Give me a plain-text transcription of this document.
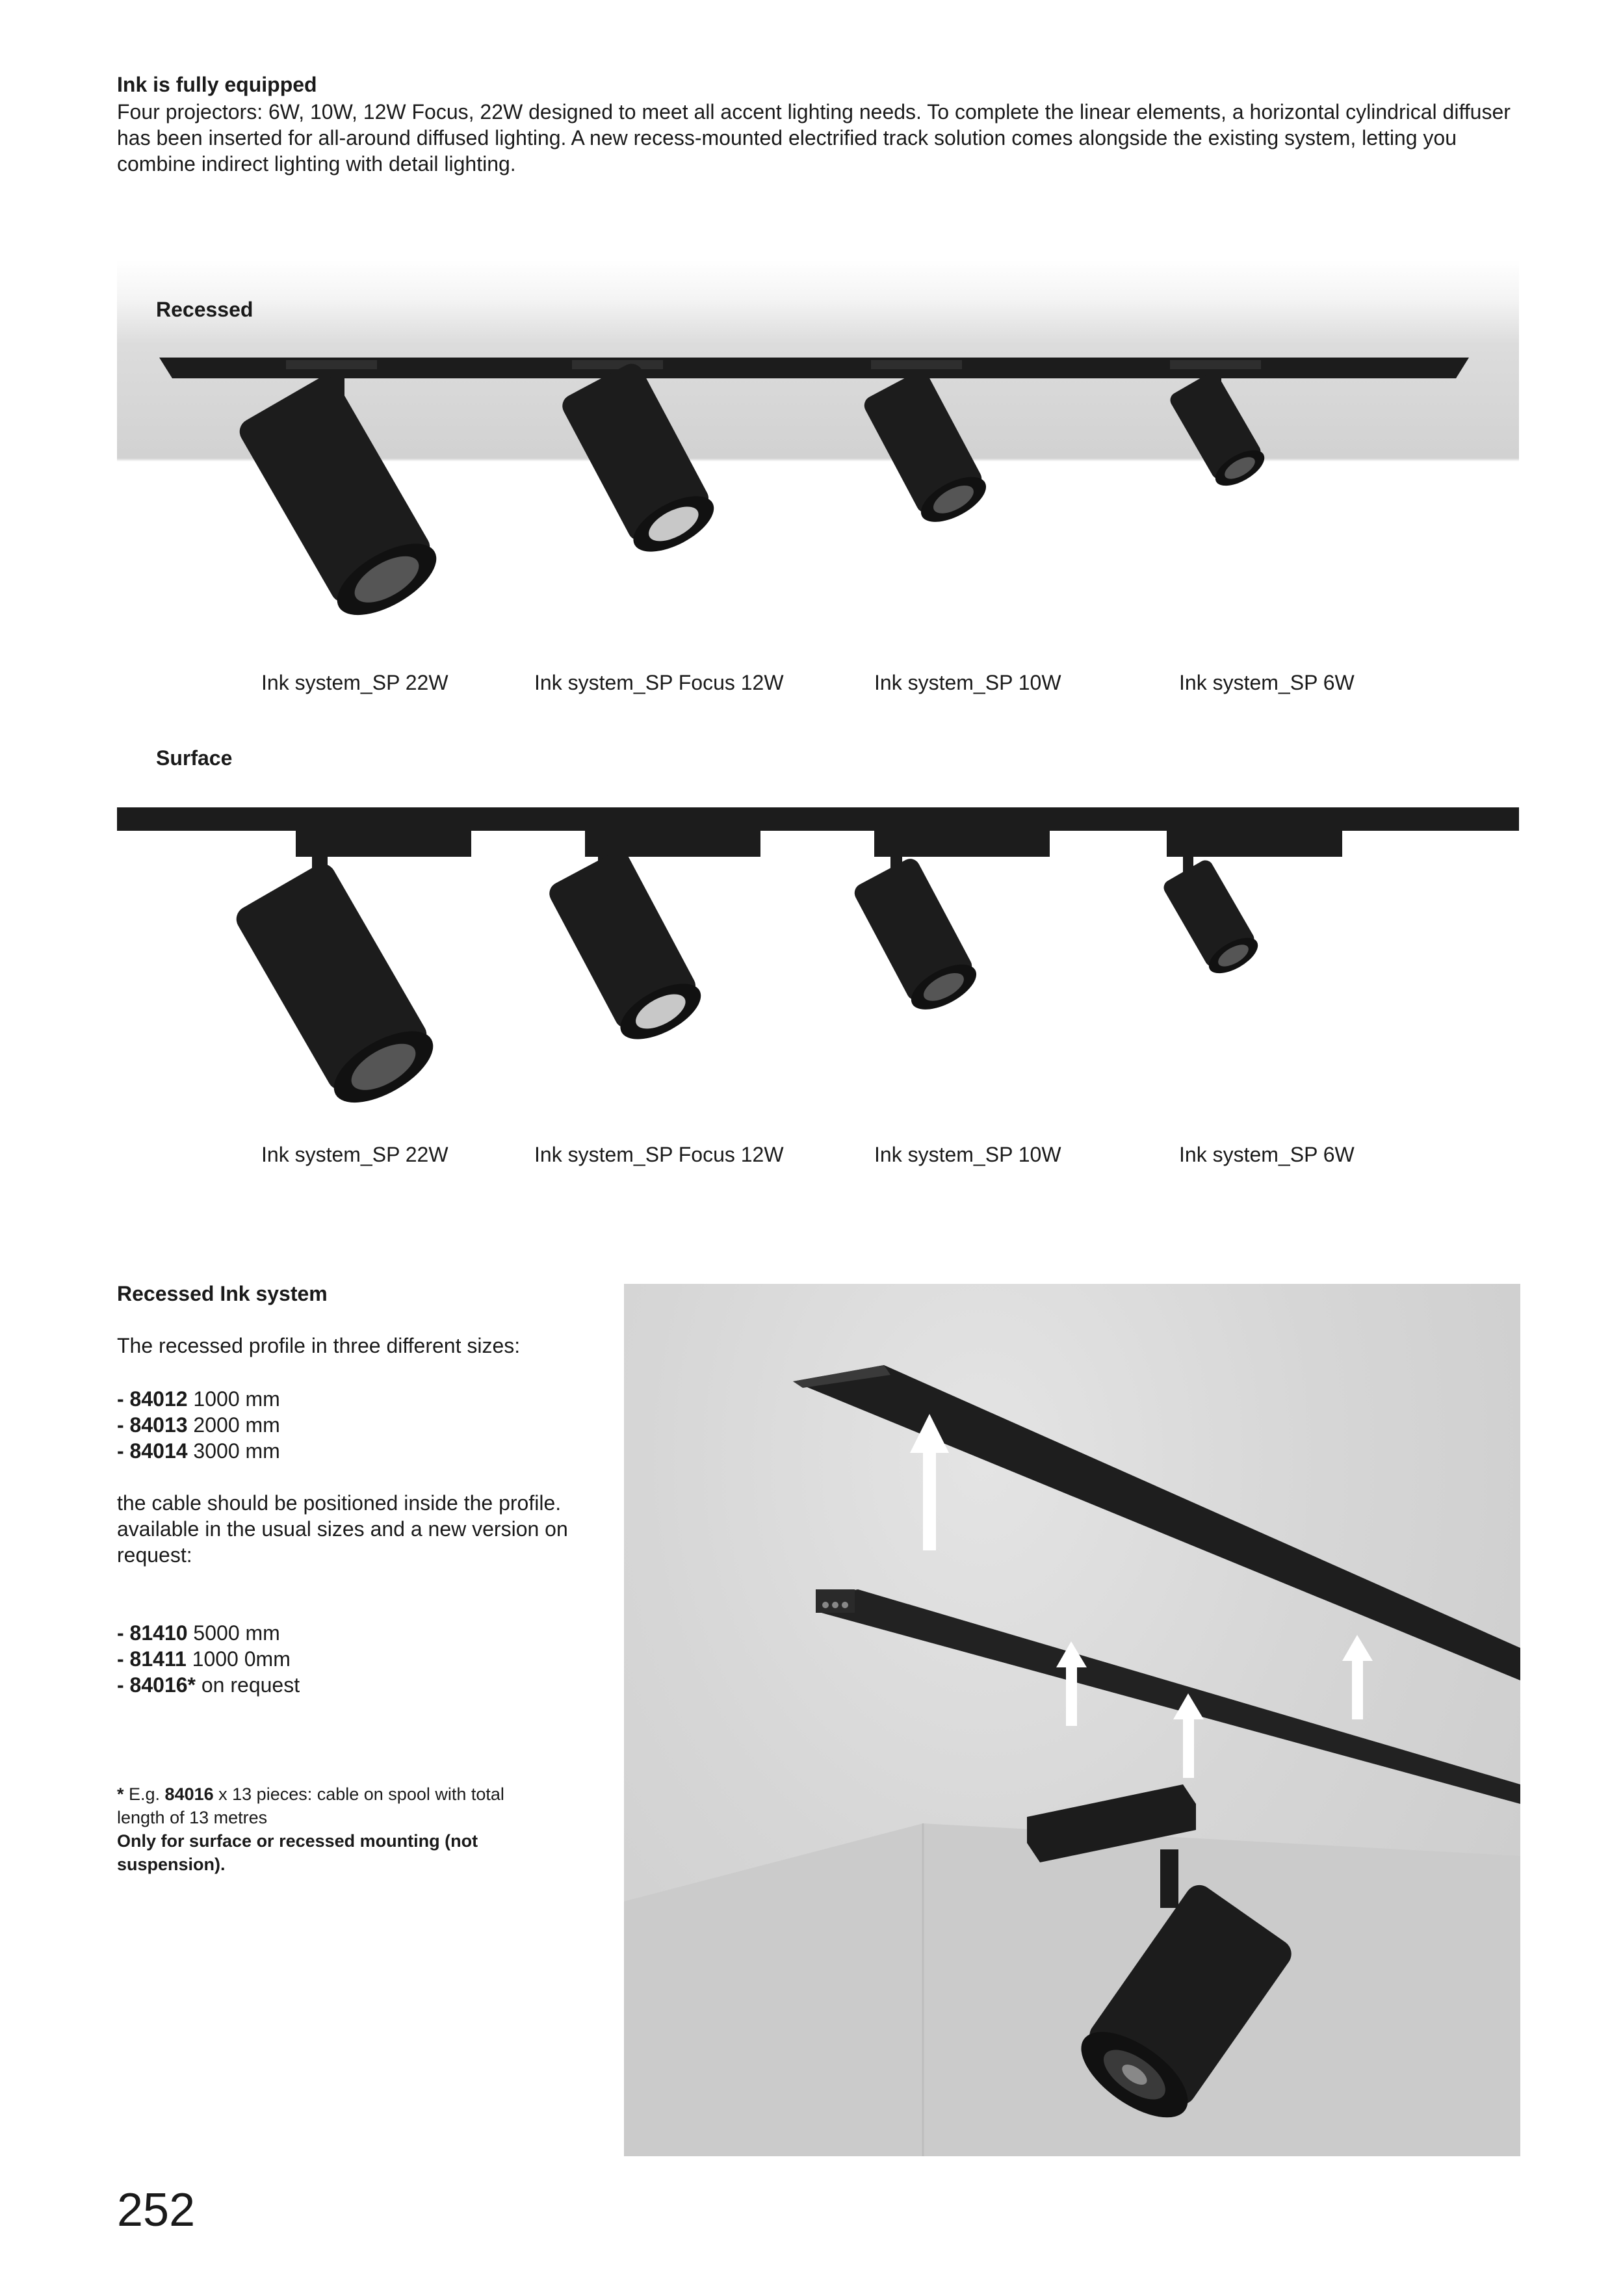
Ink is fully equipped
Four projectors: 6W, 10W, 12W Focus, 22W designed to meet all accent lighting needs. To complete the linear elements, a horizontal cylindrical diffuser has been inserted for all-around diffused lighting. A new recess-mounted electrified track solution comes alongside the existing system, letting you combine indirect lighting with detail lighting.
Recessed
Ink system_SP 22W	Ink system_SP Focus 12W	Ink system_SP 10W	Ink system_SP 6W
Surface
Ink system_SP 22W	Ink system_SP Focus 12W	Ink system_SP 10W	Ink system_SP 6W
Recessed Ink system
The recessed profile in three different sizes:
- 84012 1000 mm
- 84013 2000 mm
- 84014 3000 mm
the cable should be positioned inside the profile. available in the usual sizes and a new version on request:
- 81410 5000 mm
- 81411 1000 0mm
- 84016* on request
* E.g. 84016 x 13 pieces: cable on spool with total length of 13 metres
Only for surface or recessed mounting (not suspension).
252
